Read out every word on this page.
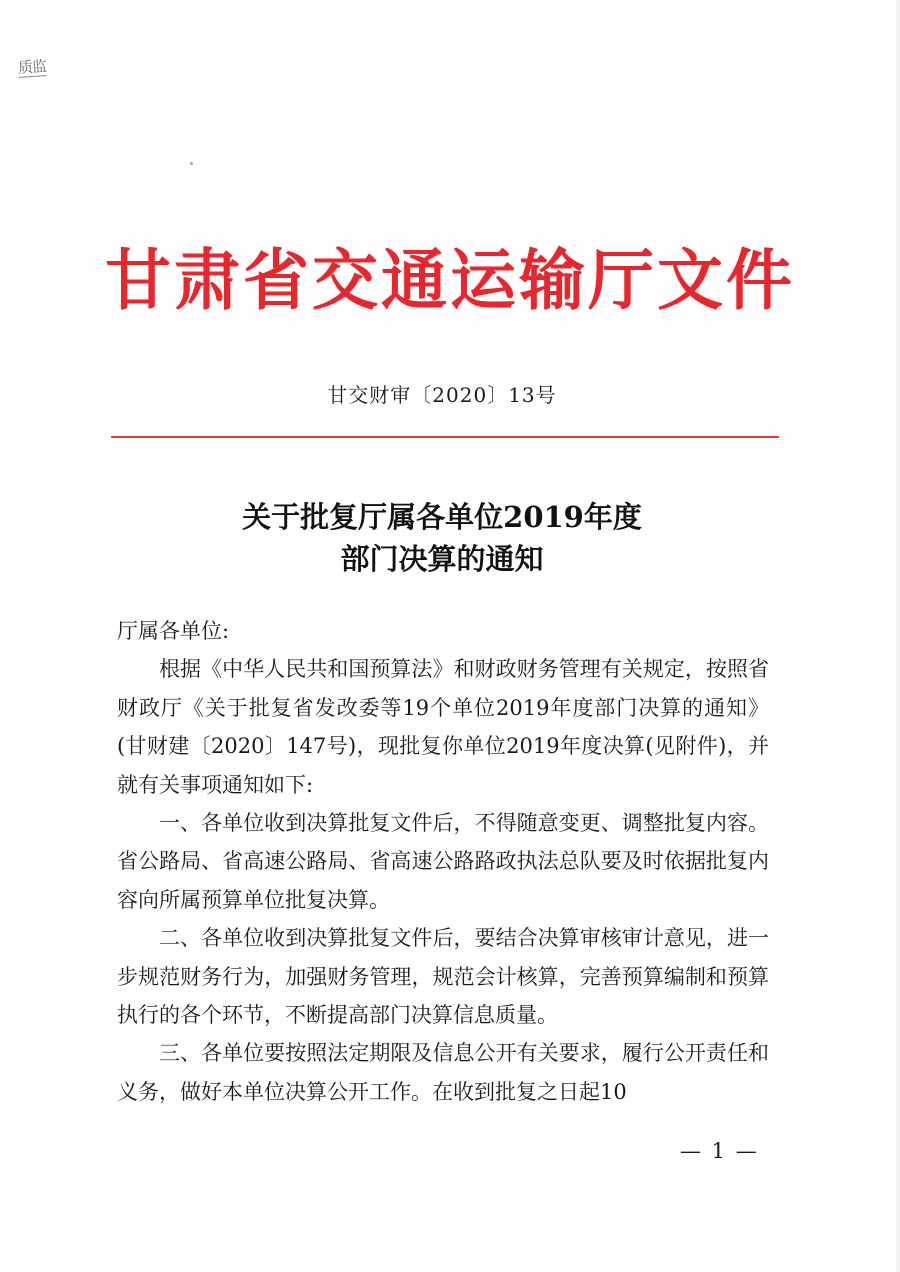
质监
甘肃省交通运输厅文件
甘交财审〔2020〕13号
关于批复厅属各单位2019年度
部门决算的通知

厅属各单位:

根据《中华人民共和国预算法》和财政财务管理有关规定，按照省财政厅《关于批复省发改委等19个单位2019年度部门决算的通知》(甘财建〔2020〕147号)，现批复你单位2019年度决算(见附件)，并就有关事项通知如下:

一、各单位收到决算批复文件后，不得随意变更、调整批复内容。省公路局、省高速公路局、省高速公路路政执法总队要及时依据批复内容向所属预算单位批复决算。

二、各单位收到决算批复文件后，要结合决算审核审计意见，进一步规范财务行为，加强财务管理，规范会计核算，完善预算编制和预算执行的各个环节，不断提高部门决算信息质量。

三、各单位要按照法定期限及信息公开有关要求，履行公开责任和义务，做好本单位决算公开工作。在收到批复之日起10

— 1 —
